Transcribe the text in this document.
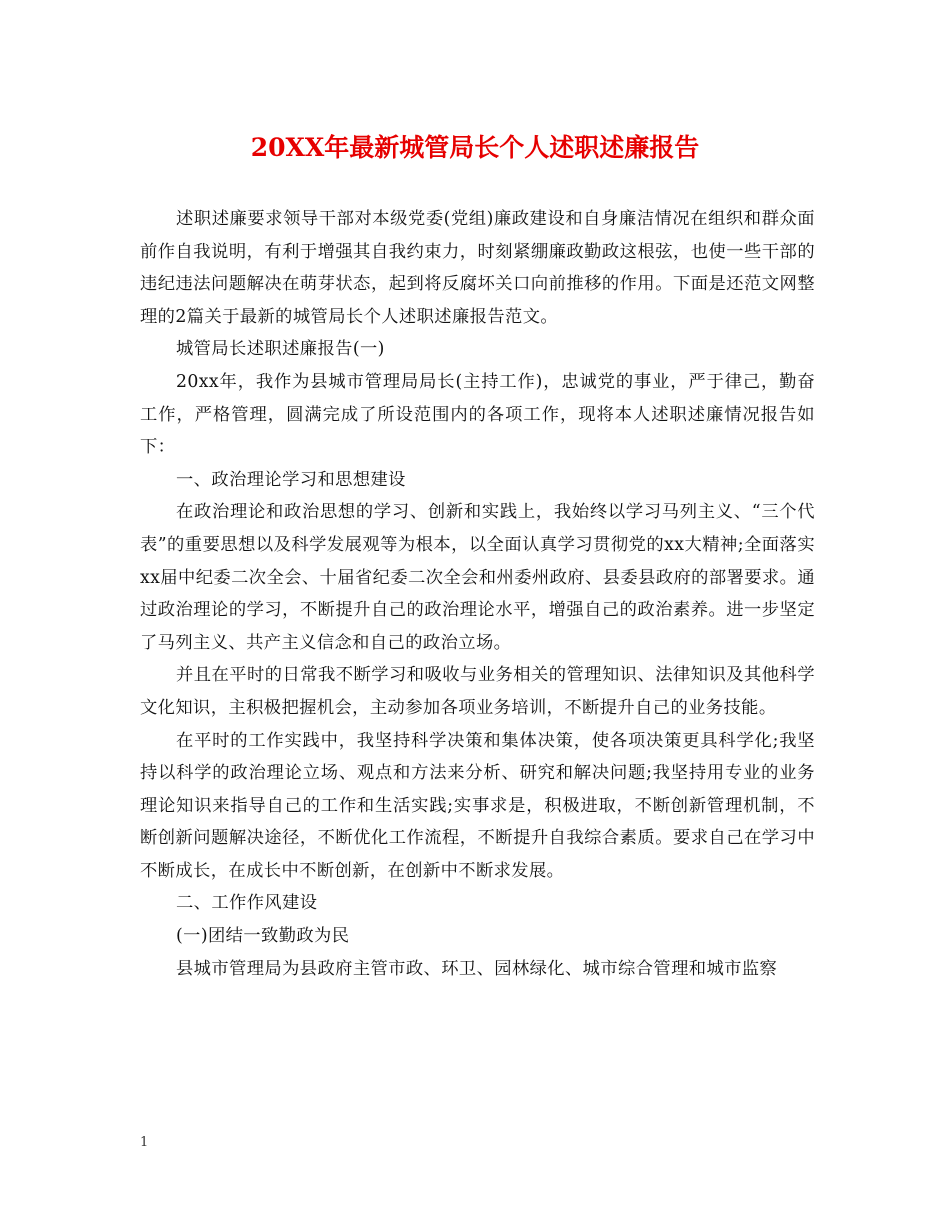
20XX年最新城管局长个人述职述廉报告

述职述廉要求领导干部对本级党委(党组)廉政建设和自身廉洁情况在组织和群众面前作自我说明，有利于增强其自我约束力，时刻紧绷廉政勤政这根弦，也使一些干部的违纪违法问题解决在萌芽状态，起到将反腐坏关口向前推移的作用。下面是还范文网整理的2篇关于最新的城管局长个人述职述廉报告范文。

城管局长述职述廉报告(一)

20xx年，我作为县城市管理局局长(主持工作)，忠诚党的事业，严于律己，勤奋工作，严格管理，圆满完成了所设范围内的各项工作，现将本人述职述廉情况报告如下：

一、政治理论学习和思想建设

在政治理论和政治思想的学习、创新和实践上，我始终以学习马列主义、“三个代表”的重要思想以及科学发展观等为根本，以全面认真学习贯彻党的xx大精神;全面落实xx届中纪委二次全会、十届省纪委二次全会和州委州政府、县委县政府的部署要求。通过政治理论的学习，不断提升自己的政治理论水平，增强自己的政治素养。进一步坚定了马列主义、共产主义信念和自己的政治立场。

并且在平时的日常我不断学习和吸收与业务相关的管理知识、法律知识及其他科学文化知识，主积极把握机会，主动参加各项业务培训，不断提升自己的业务技能。

在平时的工作实践中，我坚持科学决策和集体决策，使各项决策更具科学化;我坚持以科学的政治理论立场、观点和方法来分析、研究和解决问题;我坚持用专业的业务理论知识来指导自己的工作和生活实践;实事求是，积极进取，不断创新管理机制，不断创新问题解决途径，不断优化工作流程，不断提升自我综合素质。要求自己在学习中不断成长，在成长中不断创新，在创新中不断求发展。

二、工作作风建设

(一)团结一致勤政为民

县城市管理局为县政府主管市政、环卫、园林绿化、城市综合管理和城市监察

1
